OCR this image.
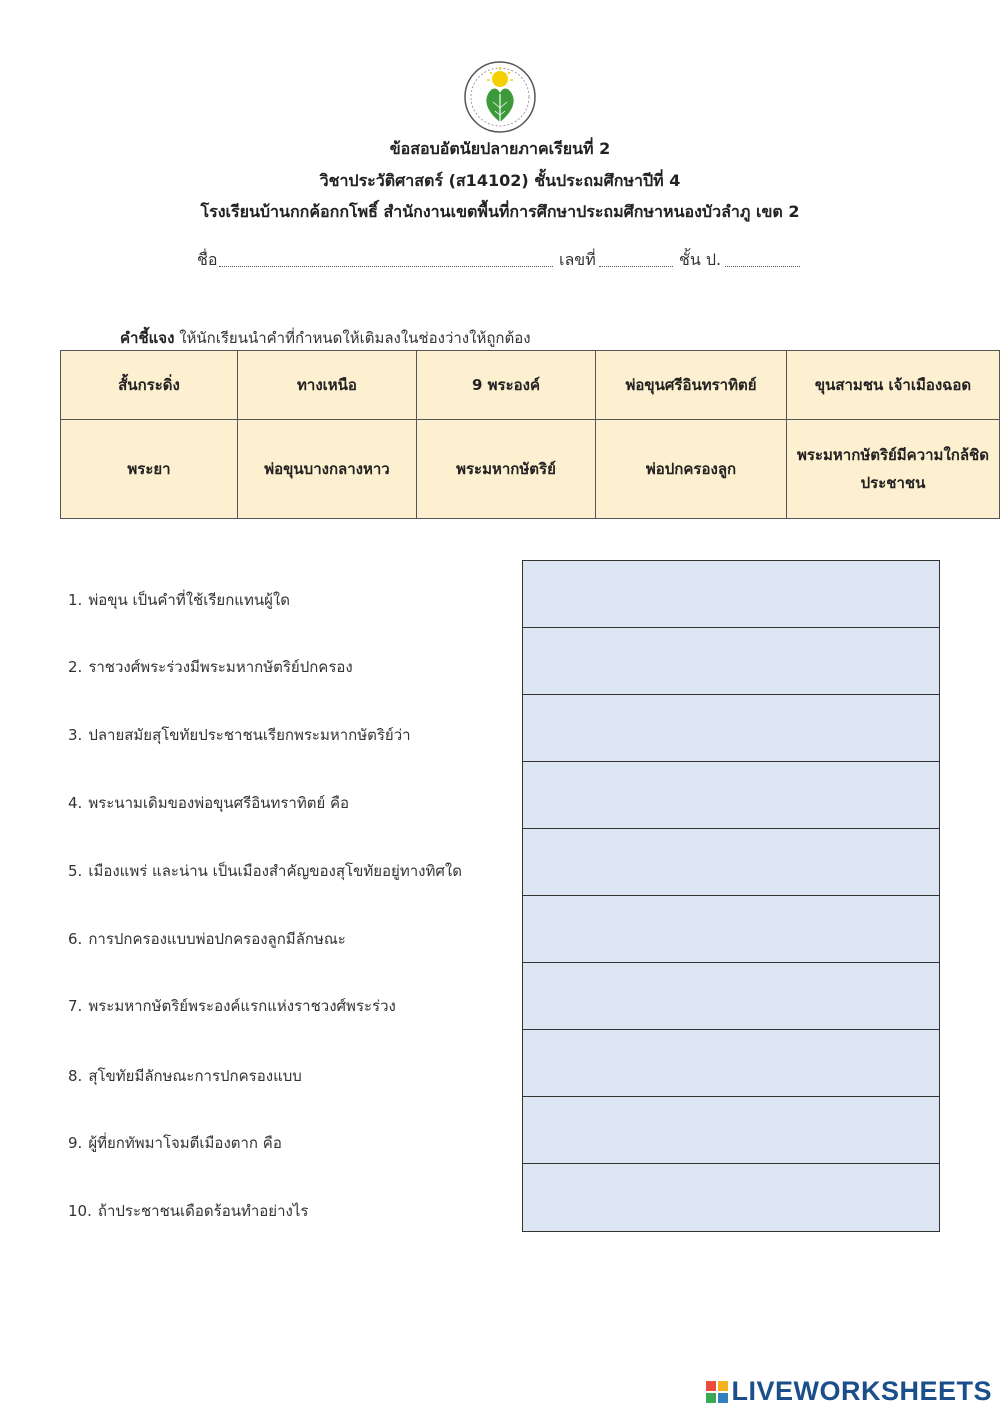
ข้อสอบอัตนัยปลายภาคเรียนที่ 2
วิชาประวัติศาสตร์ (ส14102) ชั้นประถมศึกษาปีที่ 4
โรงเรียนบ้านกกค้อกกโพธิ์ สำนักงานเขตพื้นที่การศึกษาประถมศึกษาหนองบัวลำภู เขต 2
ชื่อ	เลขที่	ชั้น ป.
คำชี้แจง ให้นักเรียนนำคำที่กำหนดให้เติมลงในช่องว่างให้ถูกต้อง
สั้นกระดิ่ง	ทางเหนือ	9 พระองค์	พ่อขุนศรีอินทราทิตย์	ขุนสามชน เจ้าเมืองฉอด
พระยา	พ่อขุนบางกลางหาว	พระมหากษัตริย์	พ่อปกครองลูก	พระมหากษัตริย์มีความใกล้ชิดประชาชน
1. พ่อขุน เป็นคำที่ใช้เรียกแทนผู้ใด
2. ราชวงศ์พระร่วงมีพระมหากษัตริย์ปกครอง
3. ปลายสมัยสุโขทัยประชาชนเรียกพระมหากษัตริย์ว่า
4. พระนามเดิมของพ่อขุนศรีอินทราทิตย์ คือ
5. เมืองแพร่ และน่าน เป็นเมืองสำคัญของสุโขทัยอยู่ทางทิศใด
6. การปกครองแบบพ่อปกครองลูกมีลักษณะ
7. พระมหากษัตริย์พระองค์แรกแห่งราชวงศ์พระร่วง
8. สุโขทัยมีลักษณะการปกครองแบบ
9. ผู้ที่ยกทัพมาโจมตีเมืองตาก คือ
10. ถ้าประชาชนเดือดร้อนทำอย่างไร
LIVEWORKSHEETS
